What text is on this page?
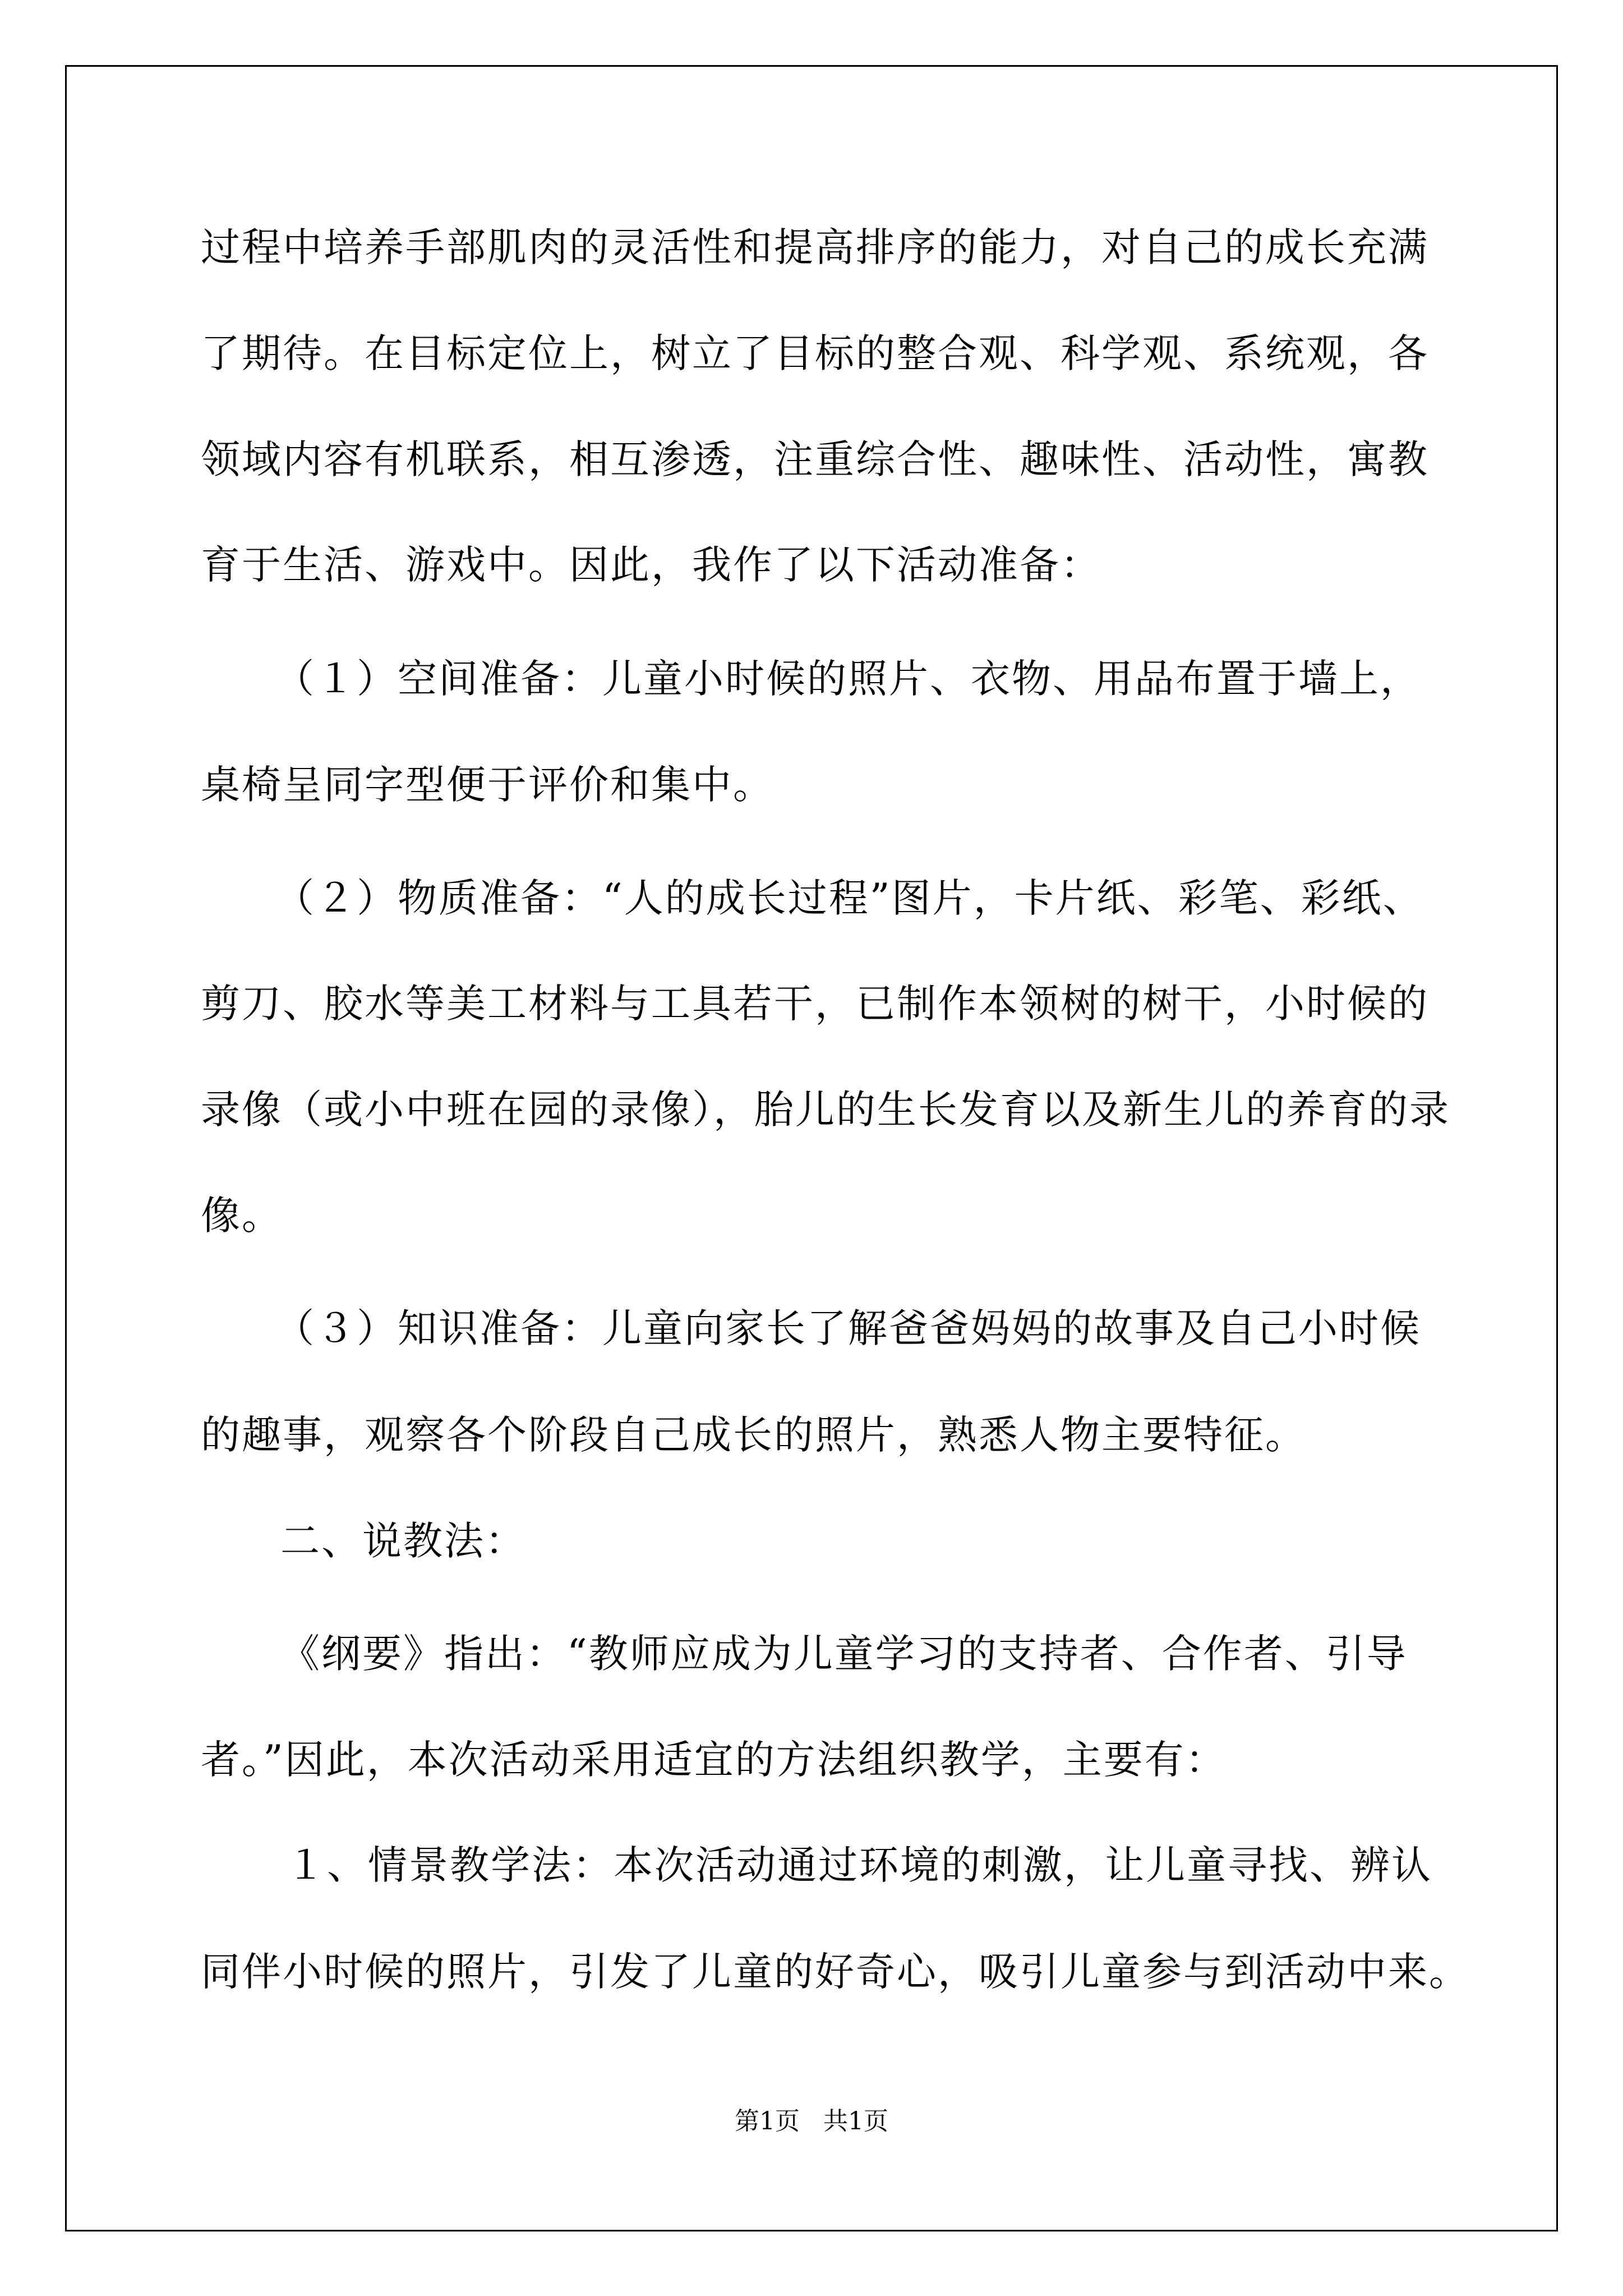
过程中培养手部肌肉的灵活性和提高排序的能力，对自己的成长充满
了期待。在目标定位上，树立了目标的整合观、科学观、系统观，各
领域内容有机联系，相互渗透，注重综合性、趣味性、活动性，寓教
育于生活、游戏中。因此，我作了以下活动准备：
（１）空间准备：儿童小时候的照片、衣物、用品布置于墙上，
桌椅呈同字型便于评价和集中。
（２）物质准备：“人的成长过程”图片，卡片纸、彩笔、彩纸、
剪刀、胶水等美工材料与工具若干，已制作本领树的树干，小时候的
录像（或小中班在园的录像），胎儿的生长发育以及新生儿的养育的录
像。
（３）知识准备：儿童向家长了解爸爸妈妈的故事及自己小时候
的趣事，观察各个阶段自己成长的照片，熟悉人物主要特征。
二、说教法：
《纲要》指出：“教师应成为儿童学习的支持者、合作者、引导
者。”因此，本次活动采用适宜的方法组织教学，主要有：
１、情景教学法：本次活动通过环境的刺激，让儿童寻找、辨认
同伴小时候的照片，引发了儿童的好奇心，吸引儿童参与到活动中来。
第1页   共1页
